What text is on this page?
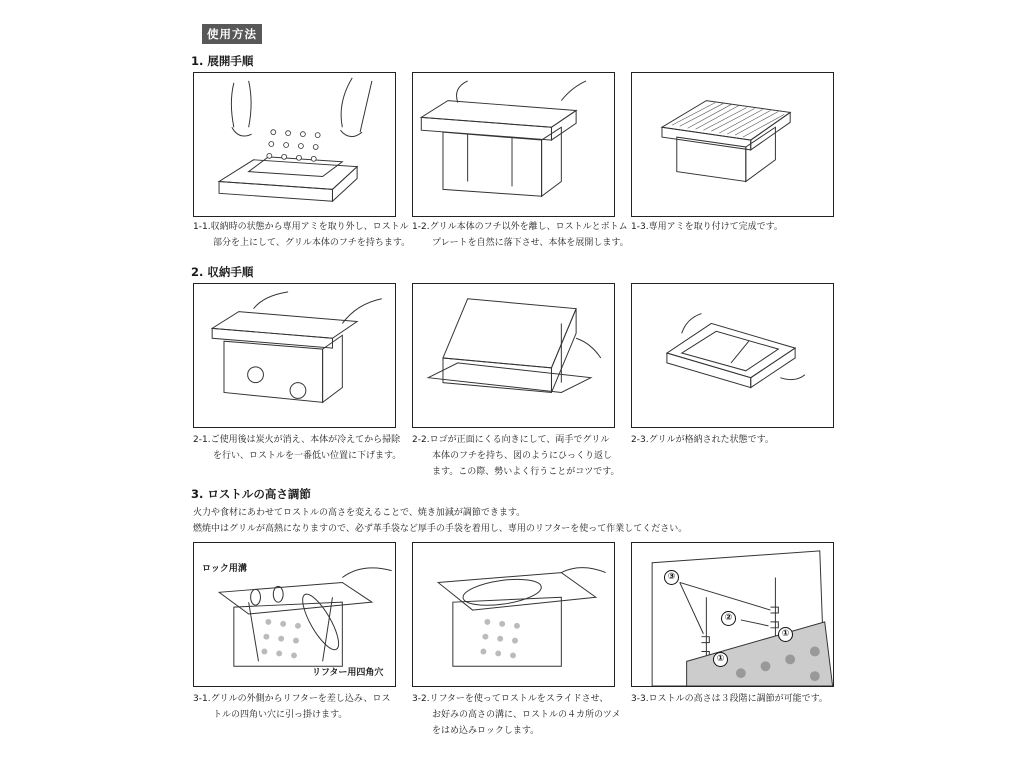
使用方法
1. 展開手順
1-1.収納時の状態から専用アミを取り外し、ロストル
部分を上にして、グリル本体のフチを持ちます。
1-2.グリル本体のフチ以外を離し、ロストルとボトム
プレートを自然に落下させ、本体を展開します。
1-3.専用アミを取り付けて完成です。
2. 収納手順
2-1.ご使用後は炭火が消え、本体が冷えてから掃除
を行い、ロストルを一番低い位置に下げます。
2-2.ロゴが正面にくる向きにして、両手でグリル
本体のフチを持ち、図のようにひっくり返し
ます。この際、勢いよく行うことがコツです。
2-3.グリルが格納された状態です。
3. ロストルの高さ調節
火力や食材にあわせてロストルの高さを変えることで、焼き加減が調節できます。
燃焼中はグリルが高熱になりますので、必ず革手袋など厚手の手袋を着用し、専用のリフターを使って作業してください。
ロック用溝
リフター用四角穴
③
②
①
①
3-1.グリルの外側からリフターを差し込み、ロス
トルの四角い穴に引っ掛けます。
3-2.リフターを使ってロストルをスライドさせ、
お好みの高さの溝に、ロストルの４カ所のツメ
をはめ込みロックします。
3-3.ロストルの高さは３段階に調節が可能です。
